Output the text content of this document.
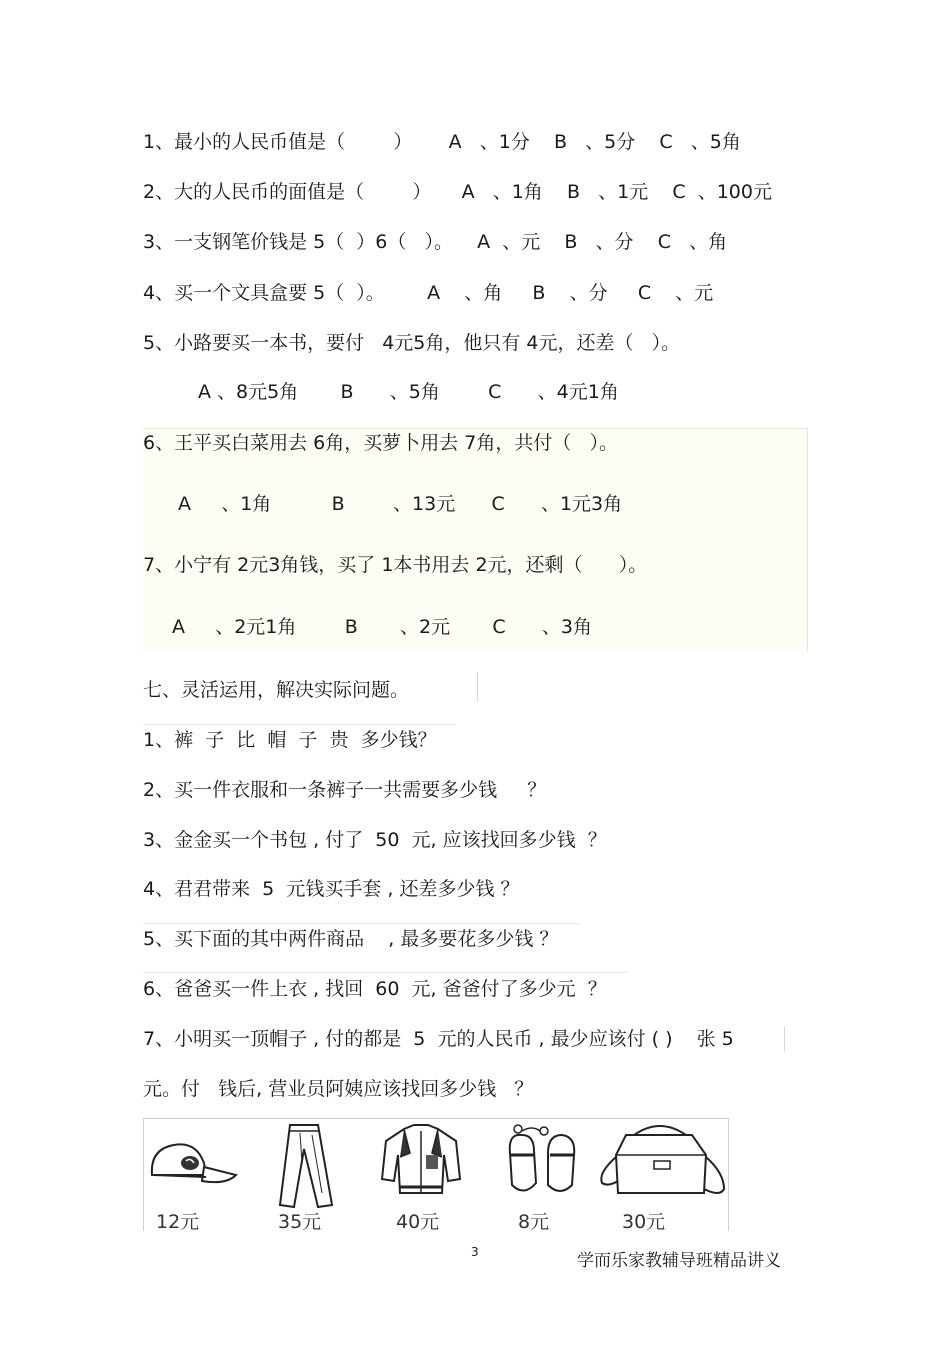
1、最小的人民币值是（        ）      A   、1分    B   、5分    C   、5角
2、大的人民币的面值是（        ）     A   、1角    B   、1元    C  、100元
3、一支钢笔价钱是 5（  ）6（   ）。    A  、元    B   、分    C   、角
4、买一个文具盒要 5（  ）。       A    、角     B    、分     C    、元
5、小路要买一本书，要付   4元5角，他只有 4元，还差（   ）。
A 、8元5角       B      、5角        C      、4元1角
6、王平买白菜用去 6角，买萝卜用去 7角，共付（   ）。
A     、1角          B        、13元      C      、1元3角
7、小宁有 2元3角钱，买了 1本书用去 2元，还剩（      ）。
A     、2元1角        B       、2元       C      、3角
七、灵活运用，解决实际问题。
1、裤  子  比  帽  子  贵  多少钱？
2、买一件衣服和一条裤子一共需要多少钱     ？
3、金金买一个书包 , 付了  50  元, 应该找回多少钱  ？
4、君君带来  5  元钱买手套 , 还差多少钱 ？
5、买下面的其中两件商品    , 最多要花多少钱 ？
6、爸爸买一件上衣 , 找回  60  元, 爸爸付了多少元  ？
7、小明买一顶帽子 , 付的都是  5  元的人民币 , 最少应该付 ( )    张 5
元。付   钱后, 营业员阿姨应该找回多少钱   ？
12元	35元	40元	8元	30元
3	学而乐家教辅导班精品讲义
